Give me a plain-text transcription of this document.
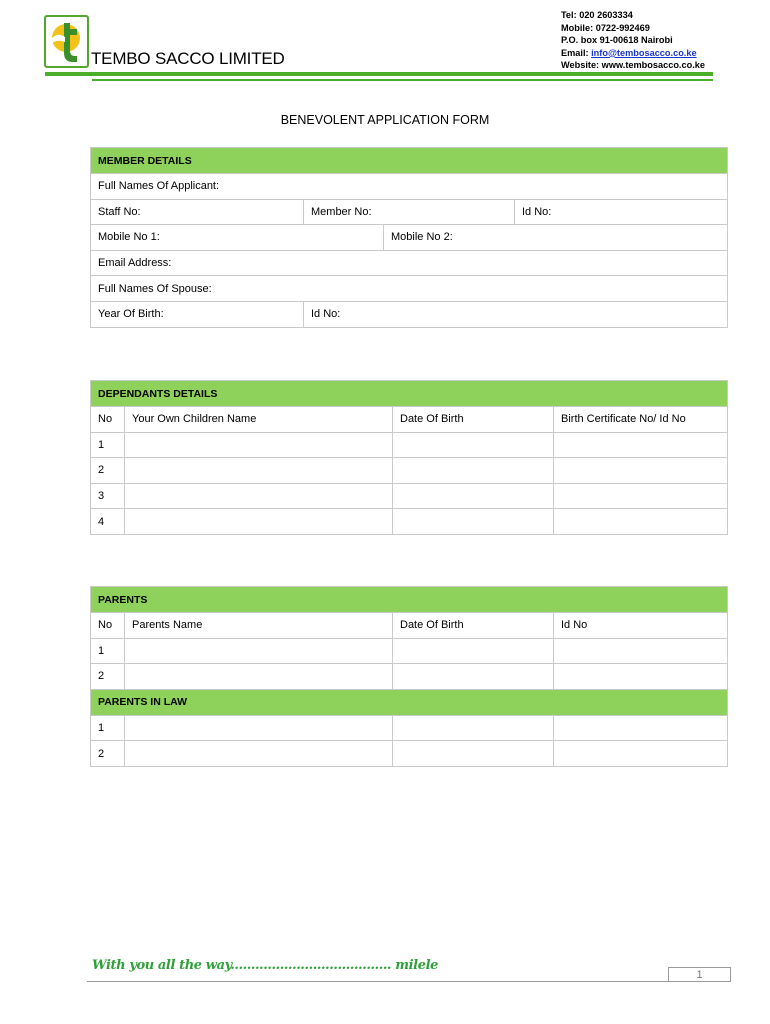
TEMBO SACCO LIMITED
Tel: 020 2603334
Mobile: 0722-992469
P.O. box 91-00618 Nairobi
Email: info@tembosacco.co.ke
Website: www.tembosacco.co.ke
BENEVOLENT APPLICATION FORM
MEMBER DETAILS			
Full Names Of Applicant:			
Staff No:	Member No:		Id No:
Mobile No 1:		Mobile No 2:	
Email Address:			
Full Names Of Spouse:			
Year Of Birth:	Id No:		
DEPENDANTS DETAILS			
No	Your Own Children Name	Date Of Birth	Birth Certificate No/ Id No
1			
2			
3			
4			
PARENTS			
No	Parents Name	Date Of Birth	Id No
1			
2			
PARENTS IN LAW			
1			
2			
With you all the way....................................... milele
1
